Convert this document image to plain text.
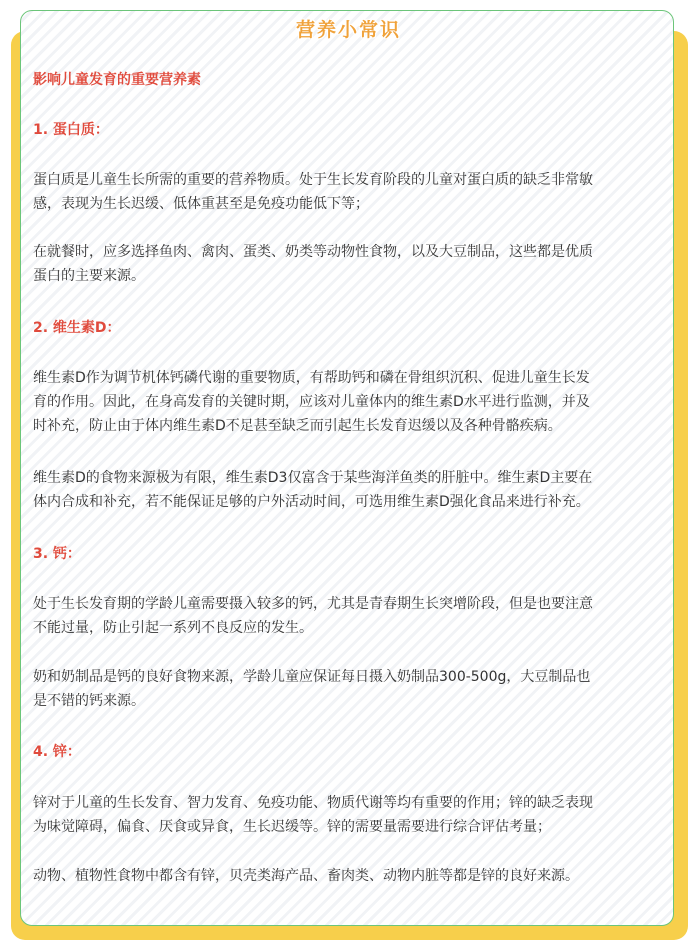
营养小常识
影响儿童发育的重要营养素
1. 蛋白质：
蛋白质是儿童生长所需的重要的营养物质。处于生长发育阶段的儿童对蛋白质的缺乏非常敏
感，表现为生长迟缓、低体重甚至是免疫功能低下等；
在就餐时，应多选择鱼肉、禽肉、蛋类、奶类等动物性食物，以及大豆制品，这些都是优质
蛋白的主要来源。
2. 维生素D：
维生素D作为调节机体钙磷代谢的重要物质，有帮助钙和磷在骨组织沉积、促进儿童生长发
育的作用。因此，在身高发育的关键时期，应该对儿童体内的维生素D水平进行监测，并及
时补充，防止由于体内维生素D不足甚至缺乏而引起生长发育迟缓以及各种骨骼疾病。
维生素D的食物来源极为有限，维生素D3仅富含于某些海洋鱼类的肝脏中。维生素D主要在
体内合成和补充，若不能保证足够的户外活动时间，可选用维生素D强化食品来进行补充。
3. 钙：
处于生长发育期的学龄儿童需要摄入较多的钙，尤其是青春期生长突增阶段，但是也要注意
不能过量，防止引起一系列不良反应的发生。
奶和奶制品是钙的良好食物来源，学龄儿童应保证每日摄入奶制品300-500g，大豆制品也
是不错的钙来源。
4. 锌：
锌对于儿童的生长发育、智力发育、免疫功能、物质代谢等均有重要的作用；锌的缺乏表现
为味觉障碍，偏食、厌食或异食，生长迟缓等。锌的需要量需要进行综合评估考量；
动物、植物性食物中都含有锌，贝壳类海产品、畜肉类、动物内脏等都是锌的良好来源。
